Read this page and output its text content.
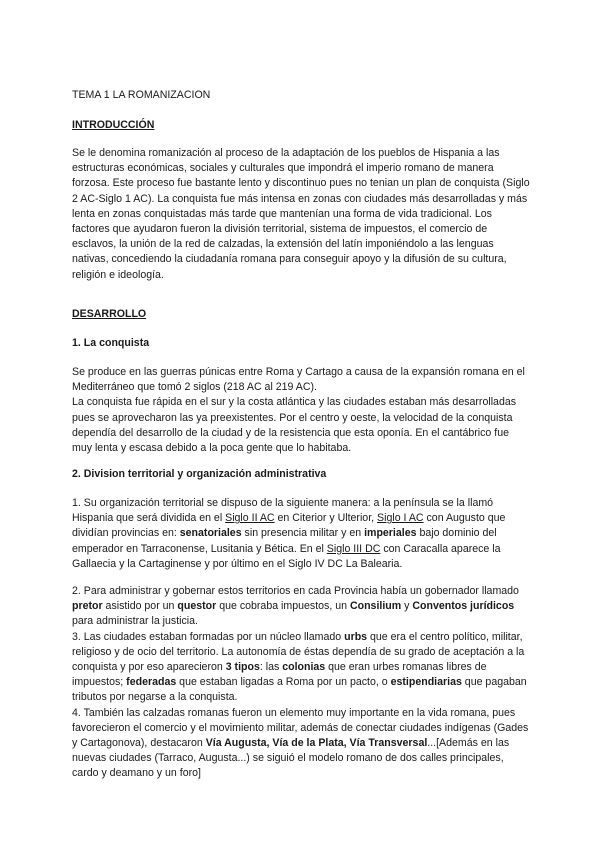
TEMA 1 LA ROMANIZACION
INTRODUCCIÓN

Se le denomina romanización al proceso de la adaptación de los pueblos de Hispania a las estructuras económicas, sociales y culturales que impondrá el imperio romano de manera forzosa. Este proceso fue bastante lento y discontinuo pues no tenian un plan de conquista (Siglo 2 AC-Siglo 1 AC). La conquista fue más intensa en zonas con ciudades más desarrolladas y más lenta en zonas conquistadas más tarde que mantenían una forma de vida tradicional. Los factores que ayudaron fueron la división territorial, sistema de impuestos, el comercio de esclavos, la unión de la red de calzadas, la extensión del latín imponiéndolo a las lenguas nativas, concediendo la ciudadanía romana para conseguir apoyo y la difusión de su cultura, religión e ideología.

DESARROLLO
1. La conquista

Se produce en las guerras púnicas entre Roma y Cartago a causa de la expansión romana en el Mediterráneo que tomó 2 siglos (218 AC al 219 AC).

La conquista fue rápida en el sur y la costa atlántica y las ciudades estaban más desarrolladas pues se aprovecharon las ya preexistentes. Por el centro y oeste, la velocidad de la conquista dependía del desarrollo de la ciudad y de la resistencia que esta oponía. En el cantábrico fue muy lenta y escasa debido a la poca gente que lo habitaba.

2. Division territorial y organización administrativa

1. Su organización territorial se dispuso de la siguiente manera: a la península se la llamó Hispania que será dividida en el Siglo II AC en Citerior y Ulterior, Siglo I AC con Augusto que dividían provincias en: senatoriales sin presencia militar y en imperiales bajo dominio del emperador en Tarraconense, Lusitania y Bética. En el Siglo III DC con Caracalla aparece la Gallaecia y la Cartaginense y por último en el Siglo IV DC La Balearia.

2. Para administrar y gobernar estos territorios en cada Provincia había un gobernador llamado pretor asistido por un questor que cobraba impuestos, un Consilium y Conventos jurídicos para administrar la justicia.

3. Las ciudades estaban formadas por un núcleo llamado urbs que era el centro político, militar, religioso y de ocio del territorio. La autonomía de éstas dependía de su grado de aceptación a la conquista y por eso aparecieron 3 tipos: las colonias que eran urbes romanas libres de impuestos; federadas que estaban ligadas a Roma por un pacto, o estipendiarias que pagaban tributos por negarse a la conquista.

4. También las calzadas romanas fueron un elemento muy importante en la vida romana, pues favorecieron el comercio y el movimiento militar, además de conectar ciudades indígenas (Gades y Cartagonova), destacaron Vía Augusta, Vía de la Plata, Vía Transversal...[Además en las nuevas ciudades (Tarraco, Augusta...) se siguió el modelo romano de dos calles principales, cardo y deamano y un foro]
